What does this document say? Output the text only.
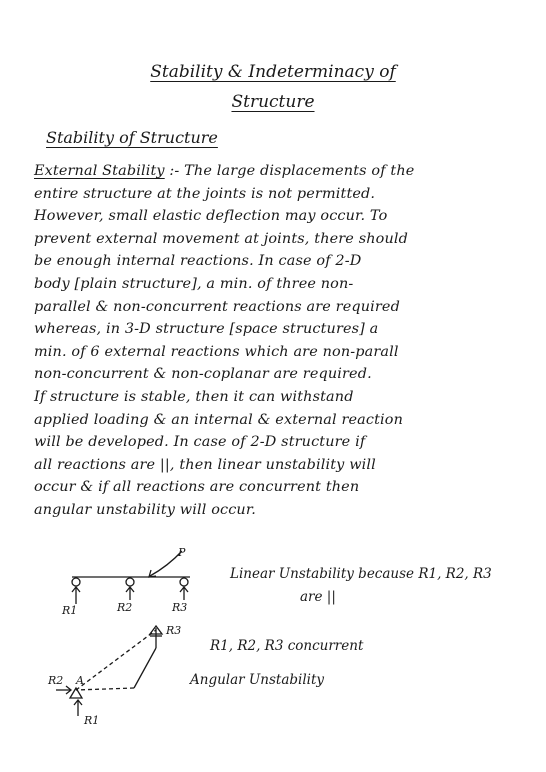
Stability & Indeterminacy of
Structure
Stability of Structure
External Stability :- The large displacements of the
entire structure at the joints is not permitted.
However, small elastic deflection may occur. To
prevent external movement at joints, there should
be enough internal reactions. In case of 2-D
body [plain structure], a min. of three non-
parallel & non-concurrent reactions are required
whereas, in 3-D structure [space structures] a
min. of 6 external reactions which are non-parall
non-concurrent & non-coplanar are required.
If structure is stable, then it can withstand
applied loading & an internal & external reaction
will be developed. In case of 2-D structure if
all reactions are ||, then linear unstability will
occur & if all reactions are concurrent then
angular unstability will occur.
P
R1	R2	R3
R2 A
R1
R3
Linear Unstability because R1, R2, R3
are ||
R1, R2, R3 concurrent
Angular Unstability
